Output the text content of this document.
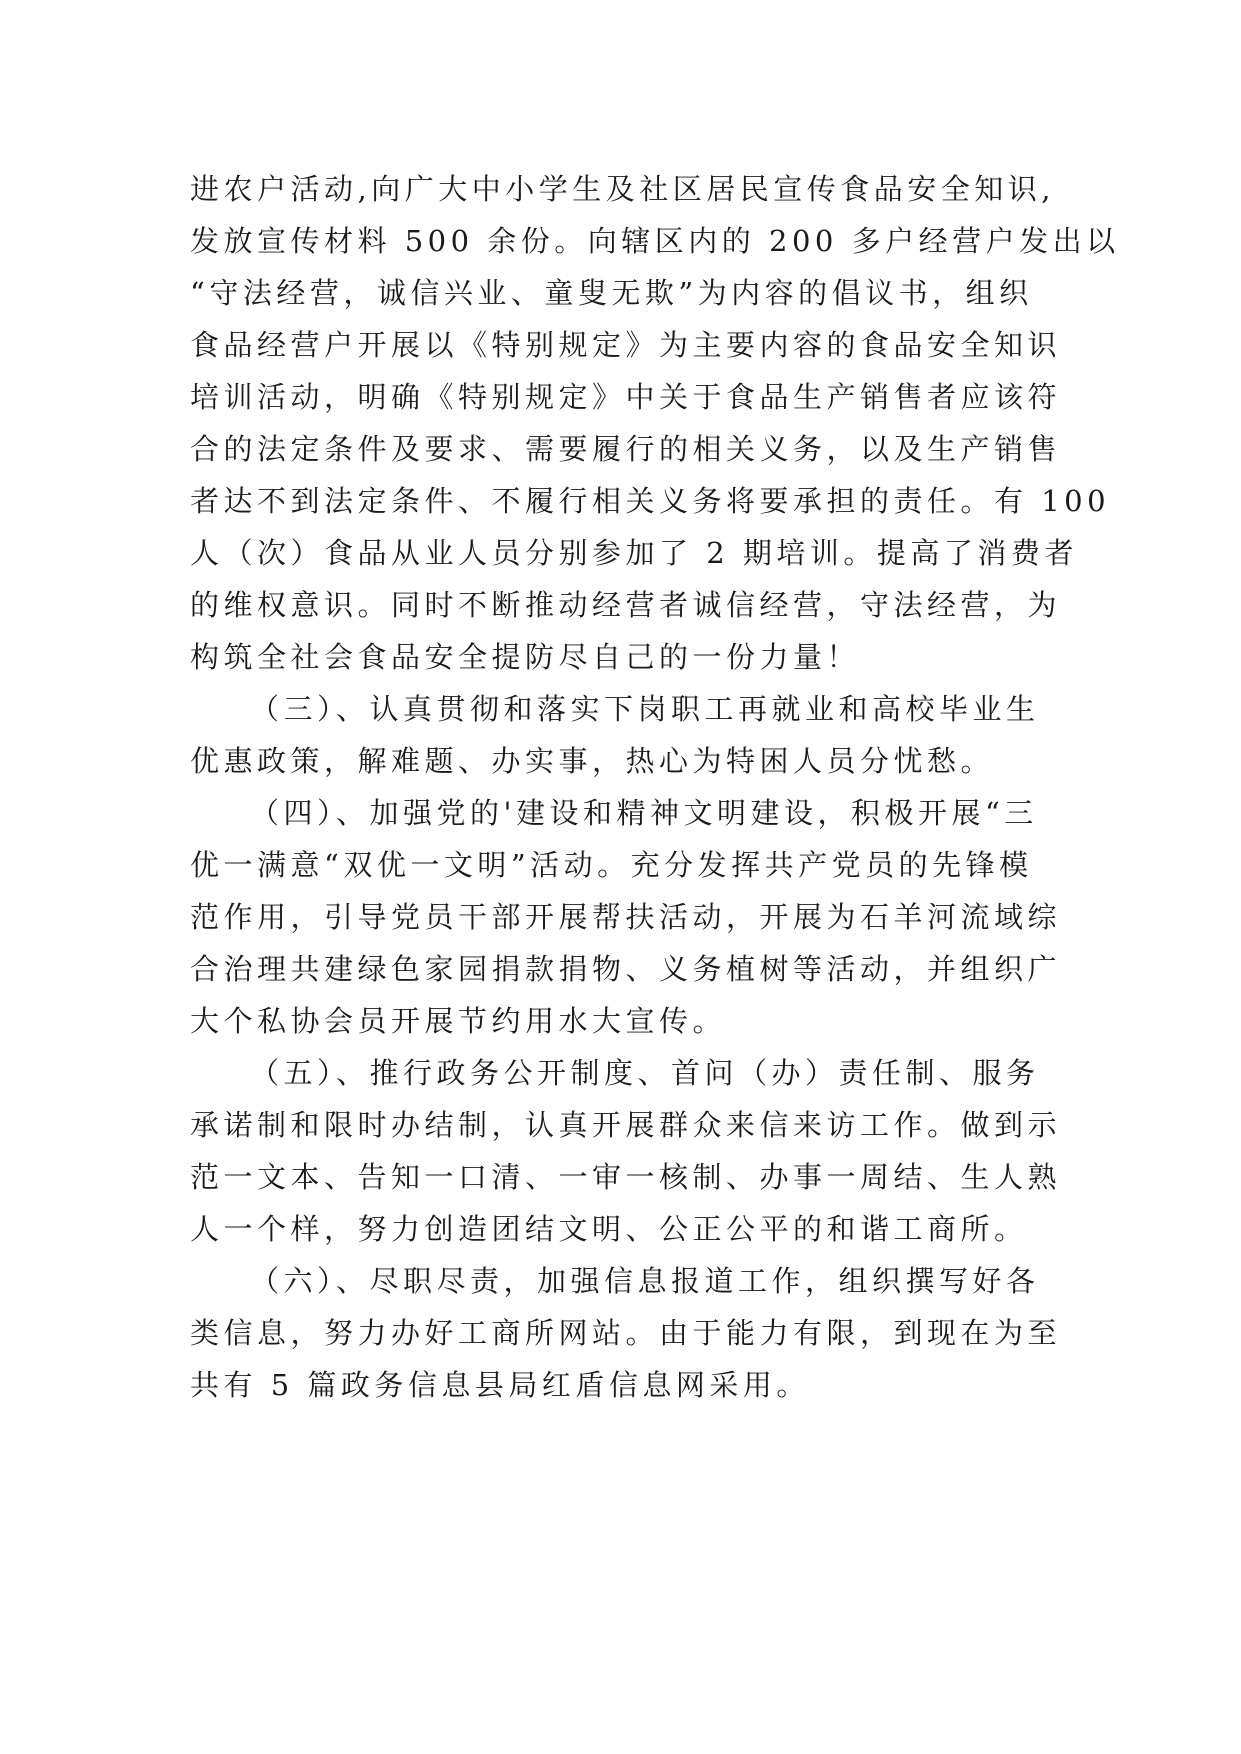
进农户活动,向广大中小学生及社区居民宣传食品安全知识,
发放宣传材料 500 余份。向辖区内的 200 多户经营户发出以
“守法经营，诚信兴业、童叟无欺”为内容的倡议书，组织
食品经营户开展以《特别规定》为主要内容的食品安全知识
培训活动，明确《特别规定》中关于食品生产销售者应该符
合的法定条件及要求、需要履行的相关义务，以及生产销售
者达不到法定条件、不履行相关义务将要承担的责任。有 100
人（次）食品从业人员分别参加了 2 期培训。提高了消费者
的维权意识。同时不断推动经营者诚信经营，守法经营，为
构筑全社会食品安全提防尽自己的一份力量！
（三）、认真贯彻和落实下岗职工再就业和高校毕业生
优惠政策，解难题、办实事，热心为特困人员分忧愁。
（四）、加强党的'建设和精神文明建设，积极开展“三
优一满意“双优一文明”活动。充分发挥共产党员的先锋模
范作用，引导党员干部开展帮扶活动，开展为石羊河流域综
合治理共建绿色家园捐款捐物、义务植树等活动，并组织广
大个私协会员开展节约用水大宣传。
（五）、推行政务公开制度、首问（办）责任制、服务
承诺制和限时办结制，认真开展群众来信来访工作。做到示
范一文本、告知一口清、一审一核制、办事一周结、生人熟
人一个样，努力创造团结文明、公正公平的和谐工商所。
（六）、尽职尽责，加强信息报道工作，组织撰写好各
类信息，努力办好工商所网站。由于能力有限，到现在为至
共有 5 篇政务信息县局红盾信息网采用。
